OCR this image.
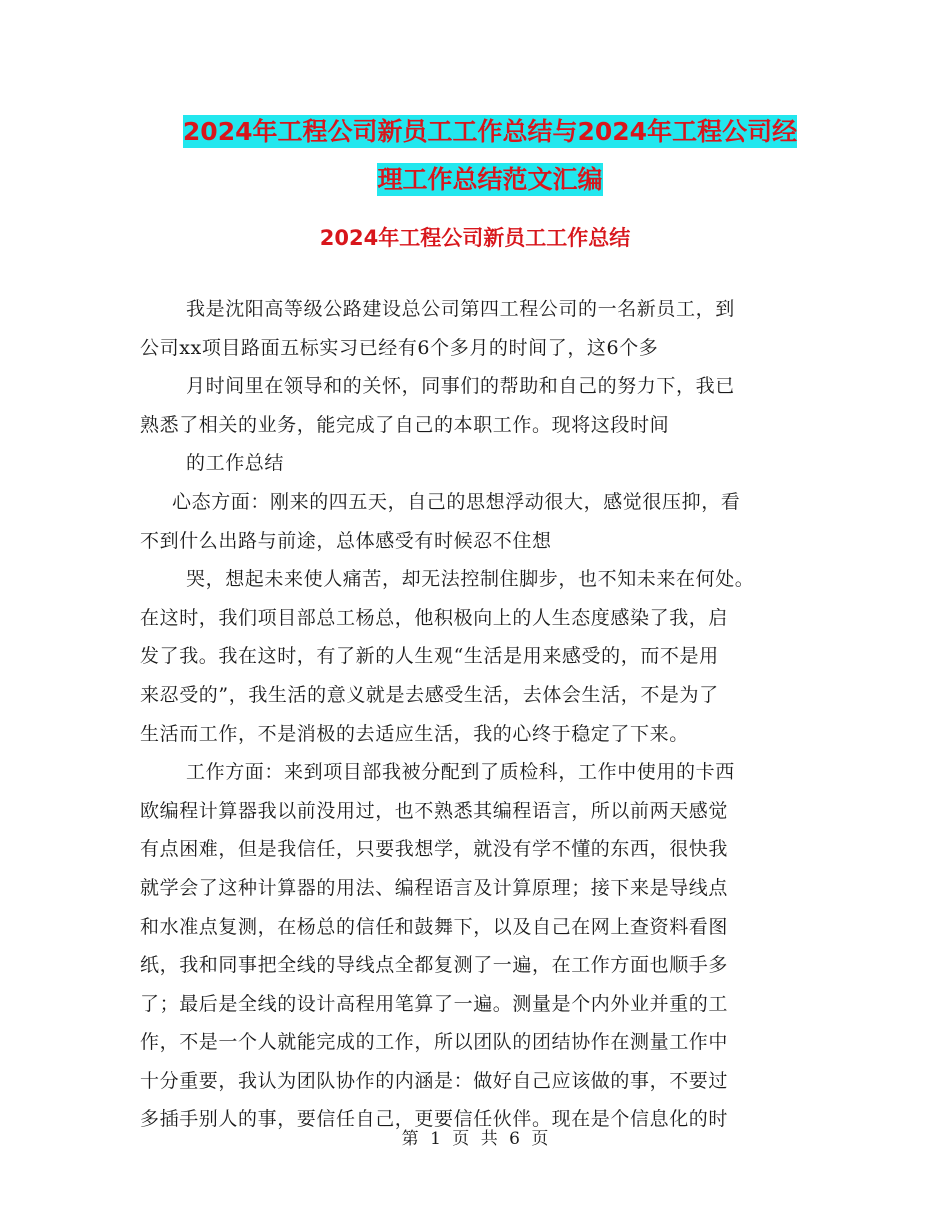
2024年工程公司新员工工作总结与2024年工程公司经
理工作总结范文汇编
2024年工程公司新员工工作总结
我是沈阳高等级公路建设总公司第四工程公司的一名新员工，到
公司xx项目路面五标实习已经有6个多月的时间了，这6个多
月时间里在领导和的关怀，同事们的帮助和自己的努力下，我已
熟悉了相关的业务，能完成了自己的本职工作。现将这段时间
的工作总结
心态方面：刚来的四五天，自己的思想浮动很大，感觉很压抑，看
不到什么出路与前途，总体感受有时候忍不住想
哭，想起未来使人痛苦，却无法控制住脚步，也不知未来在何处。
在这时，我们项目部总工杨总，他积极向上的人生态度感染了我，启
发了我。我在这时，有了新的人生观“生活是用来感受的，而不是用
来忍受的”，我生活的意义就是去感受生活，去体会生活，不是为了
生活而工作，不是消极的去适应生活，我的心终于稳定了下来。
工作方面：来到项目部我被分配到了质检科，工作中使用的卡西
欧编程计算器我以前没用过，也不熟悉其编程语言，所以前两天感觉
有点困难，但是我信任，只要我想学，就没有学不懂的东西，很快我
就学会了这种计算器的用法、编程语言及计算原理；接下来是导线点
和水准点复测，在杨总的信任和鼓舞下，以及自己在网上查资料看图
纸，我和同事把全线的导线点全都复测了一遍，在工作方面也顺手多
了；最后是全线的设计高程用笔算了一遍。测量是个内外业并重的工
作，不是一个人就能完成的工作，所以团队的团结协作在测量工作中
十分重要，我认为团队协作的内涵是：做好自己应该做的事，不要过
多插手别人的事，要信任自己，更要信任伙伴。现在是个信息化的时
第 1 页 共 6 页
